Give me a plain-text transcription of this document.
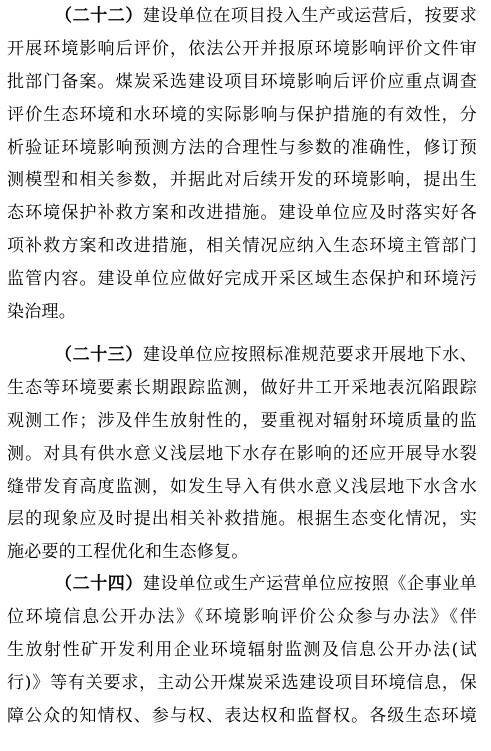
（二十二）建设单位在项目投入生产或运营后，按要求
开展环境影响后评价，依法公开并报原环境影响评价文件审
批部门备案。煤炭采选建设项目环境影响后评价应重点调查
评价生态环境和水环境的实际影响与保护措施的有效性，分
析验证环境影响预测方法的合理性与参数的准确性，修订预
测模型和相关参数，并据此对后续开发的环境影响，提出生
态环境保护补救方案和改进措施。建设单位应及时落实好各
项补救方案和改进措施，相关情况应纳入生态环境主管部门
监管内容。建设单位应做好完成开采区域生态保护和环境污
染治理。
（二十三）建设单位应按照标准规范要求开展地下水、
生态等环境要素长期跟踪监测，做好井工开采地表沉陷跟踪
观测工作；涉及伴生放射性的，要重视对辐射环境质量的监
测。对具有供水意义浅层地下水存在影响的还应开展导水裂
缝带发育高度监测，如发生导入有供水意义浅层地下水含水
层的现象应及时提出相关补救措施。根据生态变化情况，实
施必要的工程优化和生态修复。
（二十四）建设单位或生产运营单位应按照《企事业单
位环境信息公开办法》《环境影响评价公众参与办法》《伴
生放射性矿开发利用企业环境辐射监测及信息公开办法(试
行)》等有关要求，主动公开煤炭采选建设项目环境信息，保
障公众的知情权、参与权、表达权和监督权。各级生态环境
